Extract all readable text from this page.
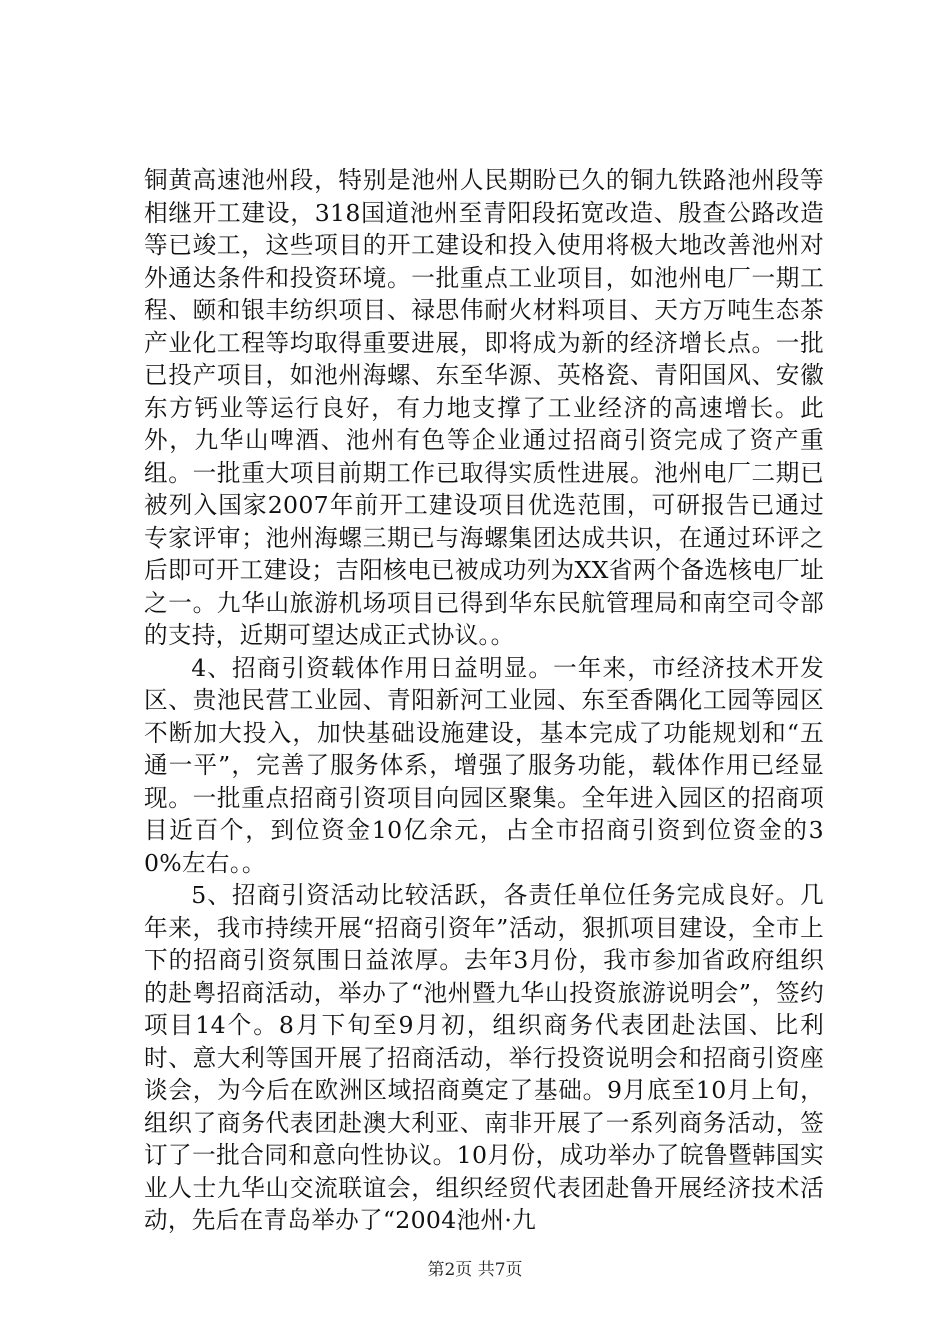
铜黄高速池州段，特别是池州人民期盼已久的铜九铁路池州段等相继开工建设，318国道池州至青阳段拓宽改造、殷查公路改造等已竣工，这些项目的开工建设和投入使用将极大地改善池州对外通达条件和投资环境。一批重点工业项目，如池州电厂一期工程、颐和银丰纺织项目、禄思伟耐火材料项目、天方万吨生态茶产业化工程等均取得重要进展，即将成为新的经济增长点。一批已投产项目，如池州海螺、东至华源、英格瓷、青阳国风、安徽东方钙业等运行良好，有力地支撑了工业经济的高速增长。此外，九华山啤酒、池州有色等企业通过招商引资完成了资产重组。一批重大项目前期工作已取得实质性进展。池州电厂二期已被列入国家2007年前开工建设项目优选范围，可研报告已通过专家评审；池州海螺三期已与海螺集团达成共识，在通过环评之后即可开工建设；吉阳核电已被成功列为XX省两个备选核电厂址之一。九华山旅游机场项目已得到华东民航管理局和南空司令部的支持，近期可望达成正式协议。。

4、招商引资载体作用日益明显。一年来，市经济技术开发区、贵池民营工业园、青阳新河工业园、东至香隅化工园等园区不断加大投入，加快基础设施建设，基本完成了功能规划和“五通一平”，完善了服务体系，增强了服务功能，载体作用已经显现。一批重点招商引资项目向园区聚集。全年进入园区的招商项目近百个，到位资金10亿余元，占全市招商引资到位资金的30%左右。。

5、招商引资活动比较活跃，各责任单位任务完成良好。几年来，我市持续开展“招商引资年”活动，狠抓项目建设，全市上下的招商引资氛围日益浓厚。去年3月份，我市参加省政府组织的赴粤招商活动，举办了“池州暨九华山投资旅游说明会”，签约项目14个。8月下旬至9月初，组织商务代表团赴法国、比利时、意大利等国开展了招商活动，举行投资说明会和招商引资座谈会，为今后在欧洲区域招商奠定了基础。9月底至10月上旬，组织了商务代表团赴澳大利亚、南非开展了一系列商务活动，签订了一批合同和意向性协议。10月份，成功举办了皖鲁暨韩国实业人士九华山交流联谊会，组织经贸代表团赴鲁开展经济技术活动，先后在青岛举办了“2004池州·九

第2页 共7页
